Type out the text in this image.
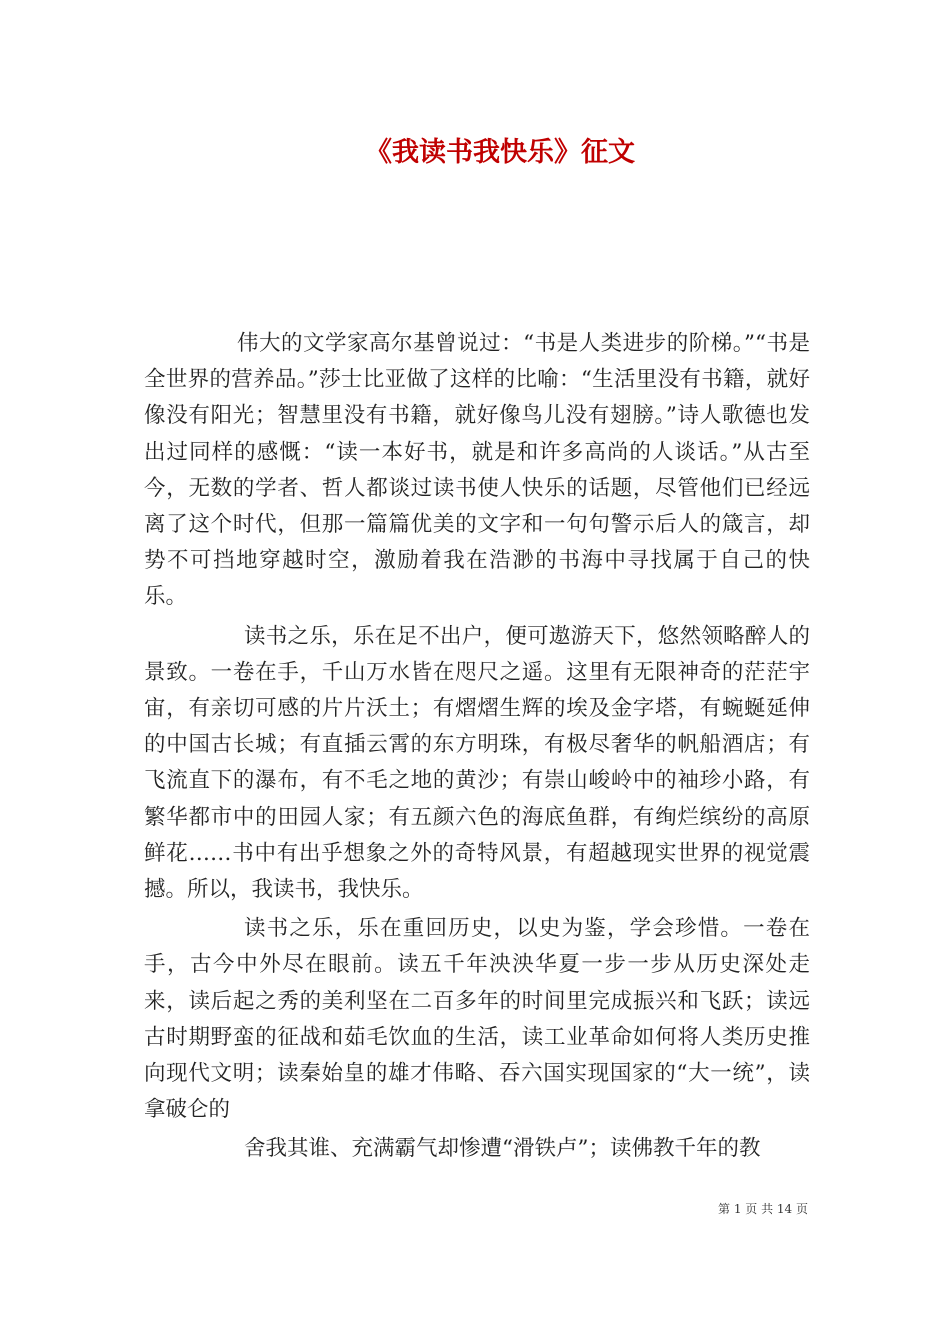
《我读书我快乐》征文

伟大的文学家高尔基曾说过：“书是人类进步的阶梯。”“书是全世界的营养品。”莎士比亚做了这样的比喻：“生活里没有书籍，就好像没有阳光；智慧里没有书籍，就好像鸟儿没有翅膀。”诗人歌德也发出过同样的感慨：“读一本好书，就是和许多高尚的人谈话。”从古至今，无数的学者、哲人都谈过读书使人快乐的话题，尽管他们已经远离了这个时代，但那一篇篇优美的文字和一句句警示后人的箴言，却势不可挡地穿越时空，激励着我在浩渺的书海中寻找属于自己的快乐。

读书之乐，乐在足不出户，便可遨游天下，悠然领略醉人的景致。一卷在手，千山万水皆在咫尺之遥。这里有无限神奇的茫茫宇宙，有亲切可感的片片沃土；有熠熠生辉的埃及金字塔，有蜿蜒延伸的中国古长城；有直插云霄的东方明珠，有极尽奢华的帆船酒店；有飞流直下的瀑布，有不毛之地的黄沙；有崇山峻岭中的袖珍小路，有繁华都市中的田园人家；有五颜六色的海底鱼群，有绚烂缤纷的高原鲜花……书中有出乎想象之外的奇特风景，有超越现实世界的视觉震撼。所以，我读书，我快乐。

读书之乐，乐在重回历史，以史为鉴，学会珍惜。一卷在手，古今中外尽在眼前。读五千年泱泱华夏一步一步从历史深处走来，读后起之秀的美利坚在二百多年的时间里完成振兴和飞跃；读远古时期野蛮的征战和茹毛饮血的生活，读工业革命如何将人类历史推向现代文明；读秦始皇的雄才伟略、吞六国实现国家的“大一统”，读拿破仑的

舍我其谁、充满霸气却惨遭“滑铁卢”；读佛教千年的教

第 1 页 共 14 页
